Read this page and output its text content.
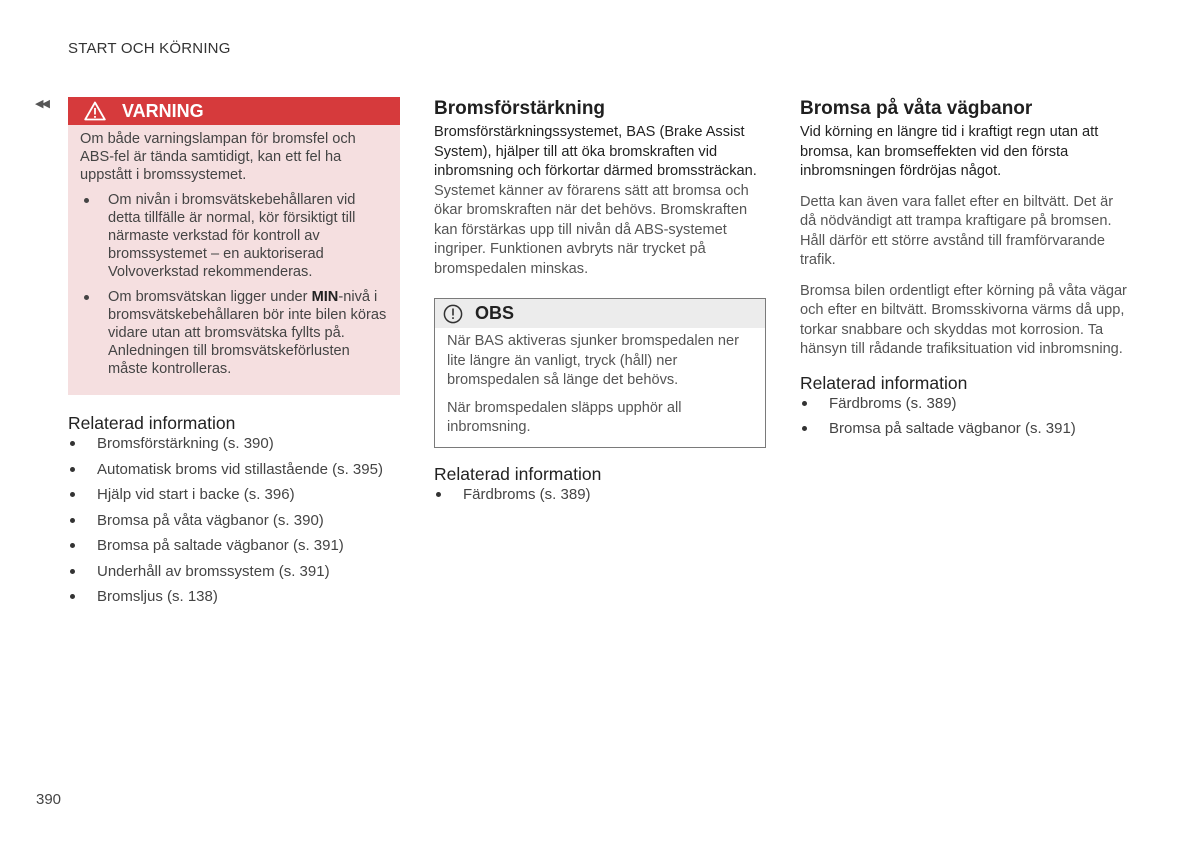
START OCH KÖRNING
◀◀	VARNING

Om både varningslampan för bromsfel och ABS-fel är tända samtidigt, kan ett fel ha uppstått i bromssystemet.

Om nivån i bromsvätskebehållaren vid detta tillfälle är normal, kör försiktigt till närmaste verkstad för kontroll av bromssystemet – en auktoriserad Volvoverkstad rekommenderas.
Om bromsvätskan ligger under MIN-nivå i bromsvätskebehållaren bör inte bilen köras vidare utan att bromsvätska fyllts på. Anledningen till bromsvätskeförlusten måste kontrolleras.
Relaterad information
Bromsförstärkning (s. 390)
Automatisk broms vid stillastående (s. 395)
Hjälp vid start i backe (s. 396)
Bromsa på våta vägbanor (s. 390)
Bromsa på saltade vägbanor (s. 391)
Underhåll av bromssystem (s. 391)
Bromsljus (s. 138)
Bromsförstärkning

Bromsförstärkningssystemet, BAS (Brake Assist System), hjälper till att öka bromskraften vid inbromsning och förkortar därmed bromssträckan.

Systemet känner av förarens sätt att bromsa och ökar bromskraften när det behövs. Bromskraften kan förstärkas upp till nivån då ABS-systemet ingriper. Funktionen avbryts när trycket på bromspedalen minskas.

OBS

När BAS aktiveras sjunker bromspedalen ner lite längre än vanligt, tryck (håll) ner bromspedalen så länge det behövs.

När bromspedalen släpps upphör all inbromsning.

Relaterad information
Färdbroms (s. 389)
Bromsa på våta vägbanor

Vid körning en längre tid i kraftigt regn utan att bromsa, kan bromseffekten vid den första inbromsningen fördröjas något.

Detta kan även vara fallet efter en biltvätt. Det är då nödvändigt att trampa kraftigare på bromsen. Håll därför ett större avstånd till framförvarande trafik.

Bromsa bilen ordentligt efter körning på våta vägar och efter en biltvätt. Bromsskivorna värms då upp, torkar snabbare och skyddas mot korrosion. Ta hänsyn till rådande trafiksituation vid inbromsning.

Relaterad information
Färdbroms (s. 389)
Bromsa på saltade vägbanor (s. 391)
390
